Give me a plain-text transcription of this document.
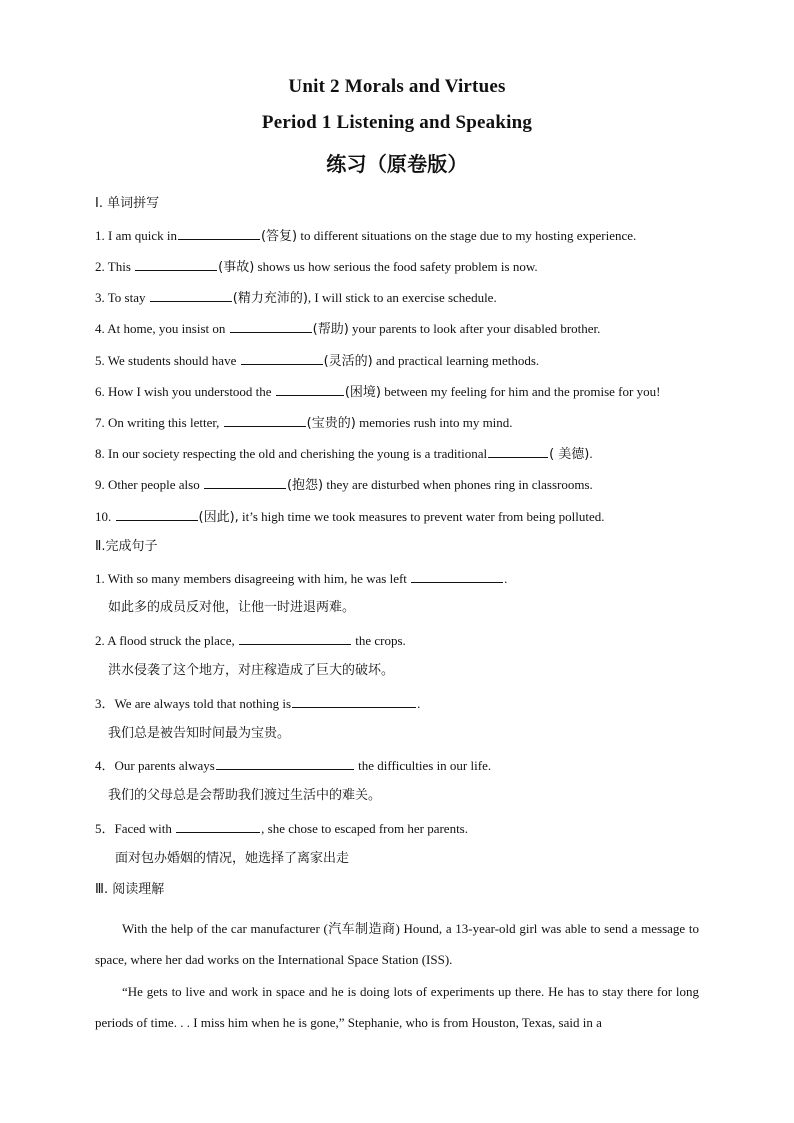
Unit 2 Morals and Virtues
Period 1 Listening and Speaking
练习（原卷版）
I. 单词拼写
1. I am quick in	(答复) to different situations on the stage due to my hosting experience.
2. This	(事故) shows us how serious the food safety problem is now.
3. To stay	(精力充沛的), I will stick to an exercise schedule.
4. At home, you insist on	(帮助) your parents to look after your disabled brother.
5. We students should have	(灵活的) and practical learning methods.
6. How I wish you understood the	(困境) between my feeling for him and the promise for you!
7. On writing this letter,	(宝贵的) memories rush into my mind.
8. In our society respecting the old and cherishing the young is a traditional	( 美德).
9. Other people also	(抱怨) they are disturbed when phones ring in classrooms.
10.	(因此), it’s high time we took measures to prevent water from being polluted.
Ⅱ.完成句子
1. With so many members disagreeing with him, he was left	.
如此多的成员反对他，让他一时进退两难。
2. A flood struck the place,	the crops.
洪水侵袭了这个地方，对庄稼造成了巨大的破坏。
3．We are always told that nothing is	.
我们总是被告知时间最为宝贵。
4．Our parents always	the difficulties in our life.
我们的父母总是会帮助我们渡过生活中的难关。
5．Faced with	, she chose to escaped from her parents.
面对包办婚姻的情况，她选择了离家出走
Ⅲ. 阅读理解
With the help of the car manufacturer (汽车制造商) Hound, a 13-year-old girl was able to send a message to space, where her dad works on the International Space Station (ISS).
“He gets to live and work in space and he is doing lots of experiments up there. He has to stay there for long periods of time. . . I miss him when he is gone,” Stephanie, who is from Houston, Texas, said in a
